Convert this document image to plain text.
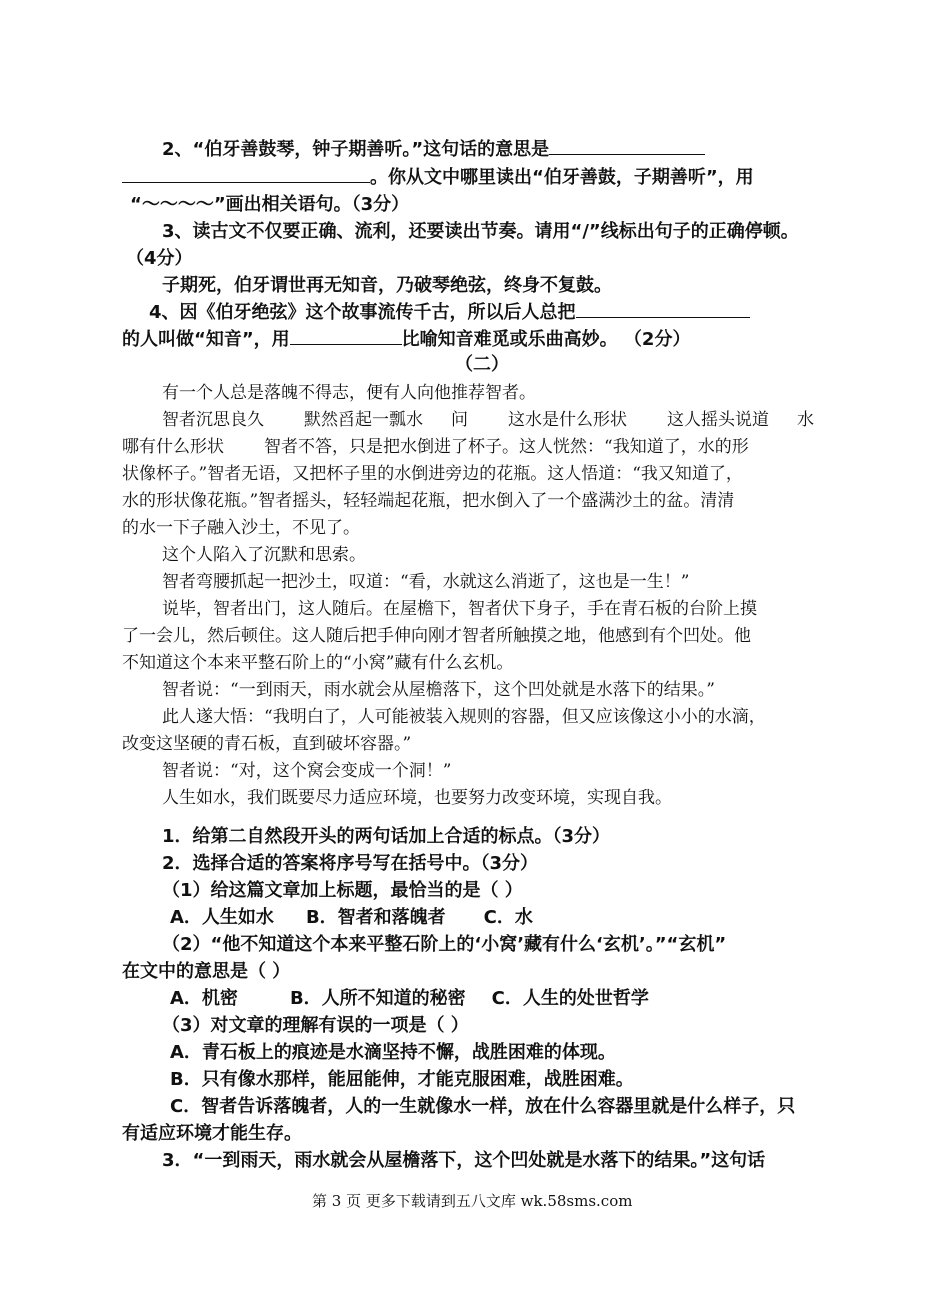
2、“伯牙善鼓琴，钟子期善听。”这句话的意思是
。你从文中哪里读出“伯牙善鼓，子期善听”，用
“～～～～”画出相关语句。（3分）
3、读古文不仅要正确、流利，还要读出节奏。请用“/”线标出句子的正确停顿。
（4分）
子期死，伯牙谓世再无知音，乃破琴绝弦，终身不复鼓。
4、因《伯牙绝弦》这个故事流传千古，所以后人总把
的人叫做“知音”，用	比喻知音难觅或乐曲高妙。 （2分）
（二）
有一个人总是落魄不得志，便有人向他推荐智者。
智者沉思良久 默然舀起一瓢水 问 这水是什么形状 这人摇头说道 水
哪有什么形状 智者不答，只是把水倒进了杯子。这人恍然：“我知道了，水的形
状像杯子。”智者无语，又把杯子里的水倒进旁边的花瓶。这人悟道：“我又知道了，
水的形状像花瓶。”智者摇头，轻轻端起花瓶，把水倒入了一个盛满沙土的盆。清清
的水一下子融入沙土，不见了。
这个人陷入了沉默和思索。
智者弯腰抓起一把沙土，叹道：“看，水就这么消逝了，这也是一生！”
说毕，智者出门，这人随后。在屋檐下，智者伏下身子，手在青石板的台阶上摸
了一会儿，然后顿住。这人随后把手伸向刚才智者所触摸之地，他感到有个凹处。他
不知道这个本来平整石阶上的“小窝”藏有什么玄机。
智者说：“一到雨天，雨水就会从屋檐落下，这个凹处就是水落下的结果。”
此人遂大悟：“我明白了，人可能被装入规则的容器，但又应该像这小小的水滴，
改变这坚硬的青石板，直到破坏容器。”
智者说：“对，这个窝会变成一个洞！”
人生如水，我们既要尽力适应环境，也要努力改变环境，实现自我。
1．给第二自然段开头的两句话加上合适的标点。（3分）
2．选择合适的答案将序号写在括号中。（3分）
（1）给这篇文章加上标题，最恰当的是（ ）
A．人生如水 B．智者和落魄者 C．水
（2）“他不知道这个本来平整石阶上的‘小窝’藏有什么‘玄机’。”“玄机”
在文中的意思是（ ）
A．机密	B．人所不知道的秘密 C．人生的处世哲学
（3）对文章的理解有误的一项是（ ）
A．青石板上的痕迹是水滴坚持不懈，战胜困难的体现。
B．只有像水那样，能屈能伸，才能克服困难，战胜困难。
C．智者告诉落魄者，人的一生就像水一样，放在什么容器里就是什么样子，只
有适应环境才能生存。
3．“一到雨天，雨水就会从屋檐落下，这个凹处就是水落下的结果。”这句话
第 3 页 更多下载请到五八文库 wk.58sms.com
